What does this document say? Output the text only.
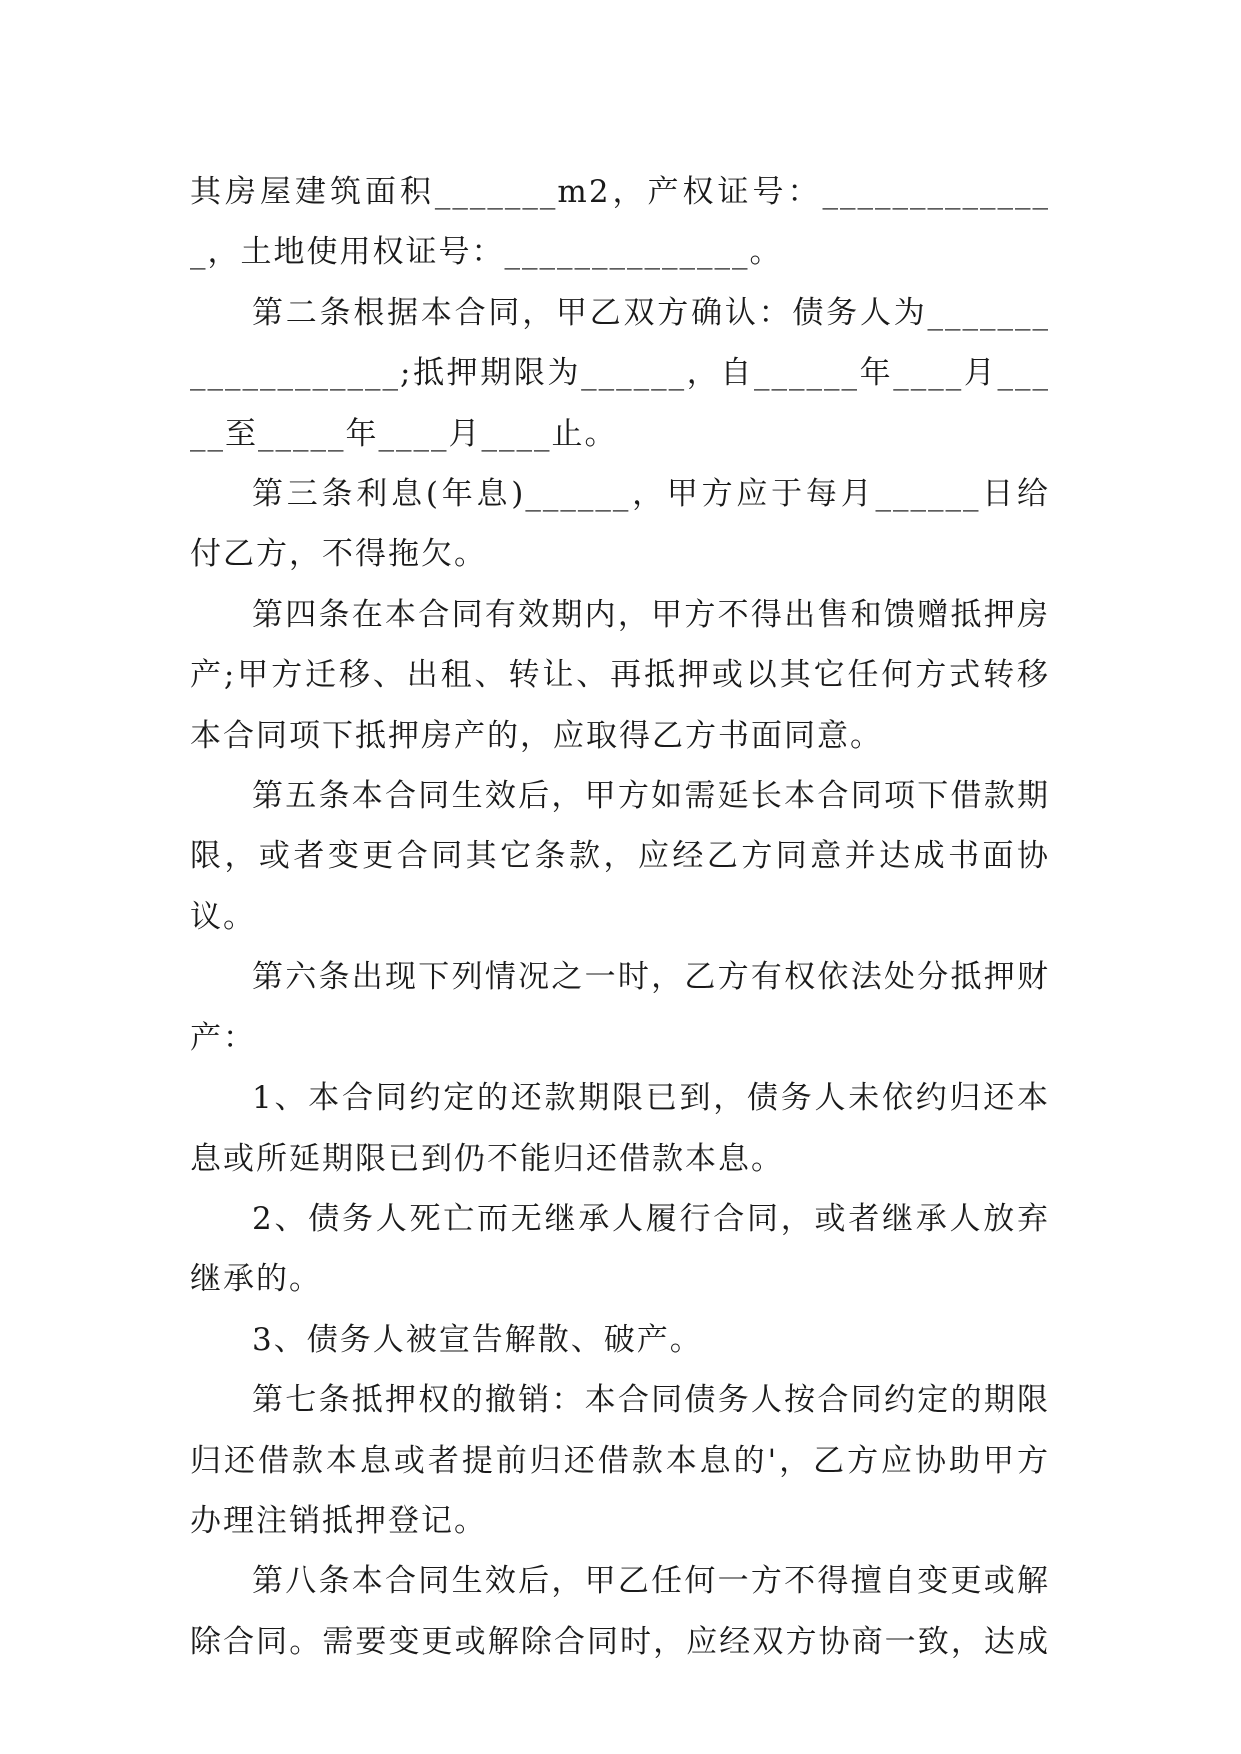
其房屋建筑面积_______m2，产权证号：______________，土地使用权证号：______________。

第二条根据本合同，甲乙双方确认：债务人为___________________;抵押期限为______，自______年____月_____至_____年____月____止。

第三条利息(年息)______，甲方应于每月______日给付乙方，不得拖欠。

第四条在本合同有效期内，甲方不得出售和馈赠抵押房产;甲方迁移、出租、转让、再抵押或以其它任何方式转移本合同项下抵押房产的，应取得乙方书面同意。

第五条本合同生效后，甲方如需延长本合同项下借款期限，或者变更合同其它条款，应经乙方同意并达成书面协议。

第六条出现下列情况之一时，乙方有权依法处分抵押财产：

1、本合同约定的还款期限已到，债务人未依约归还本息或所延期限已到仍不能归还借款本息。

2、债务人死亡而无继承人履行合同，或者继承人放弃继承的。

3、债务人被宣告解散、破产。

第七条抵押权的撤销：本合同债务人按合同约定的期限归还借款本息或者提前归还借款本息的'，乙方应协助甲方办理注销抵押登记。

第八条本合同生效后，甲乙任何一方不得擅自变更或解除合同。需要变更或解除合同时，应经双方协商一致，达成
